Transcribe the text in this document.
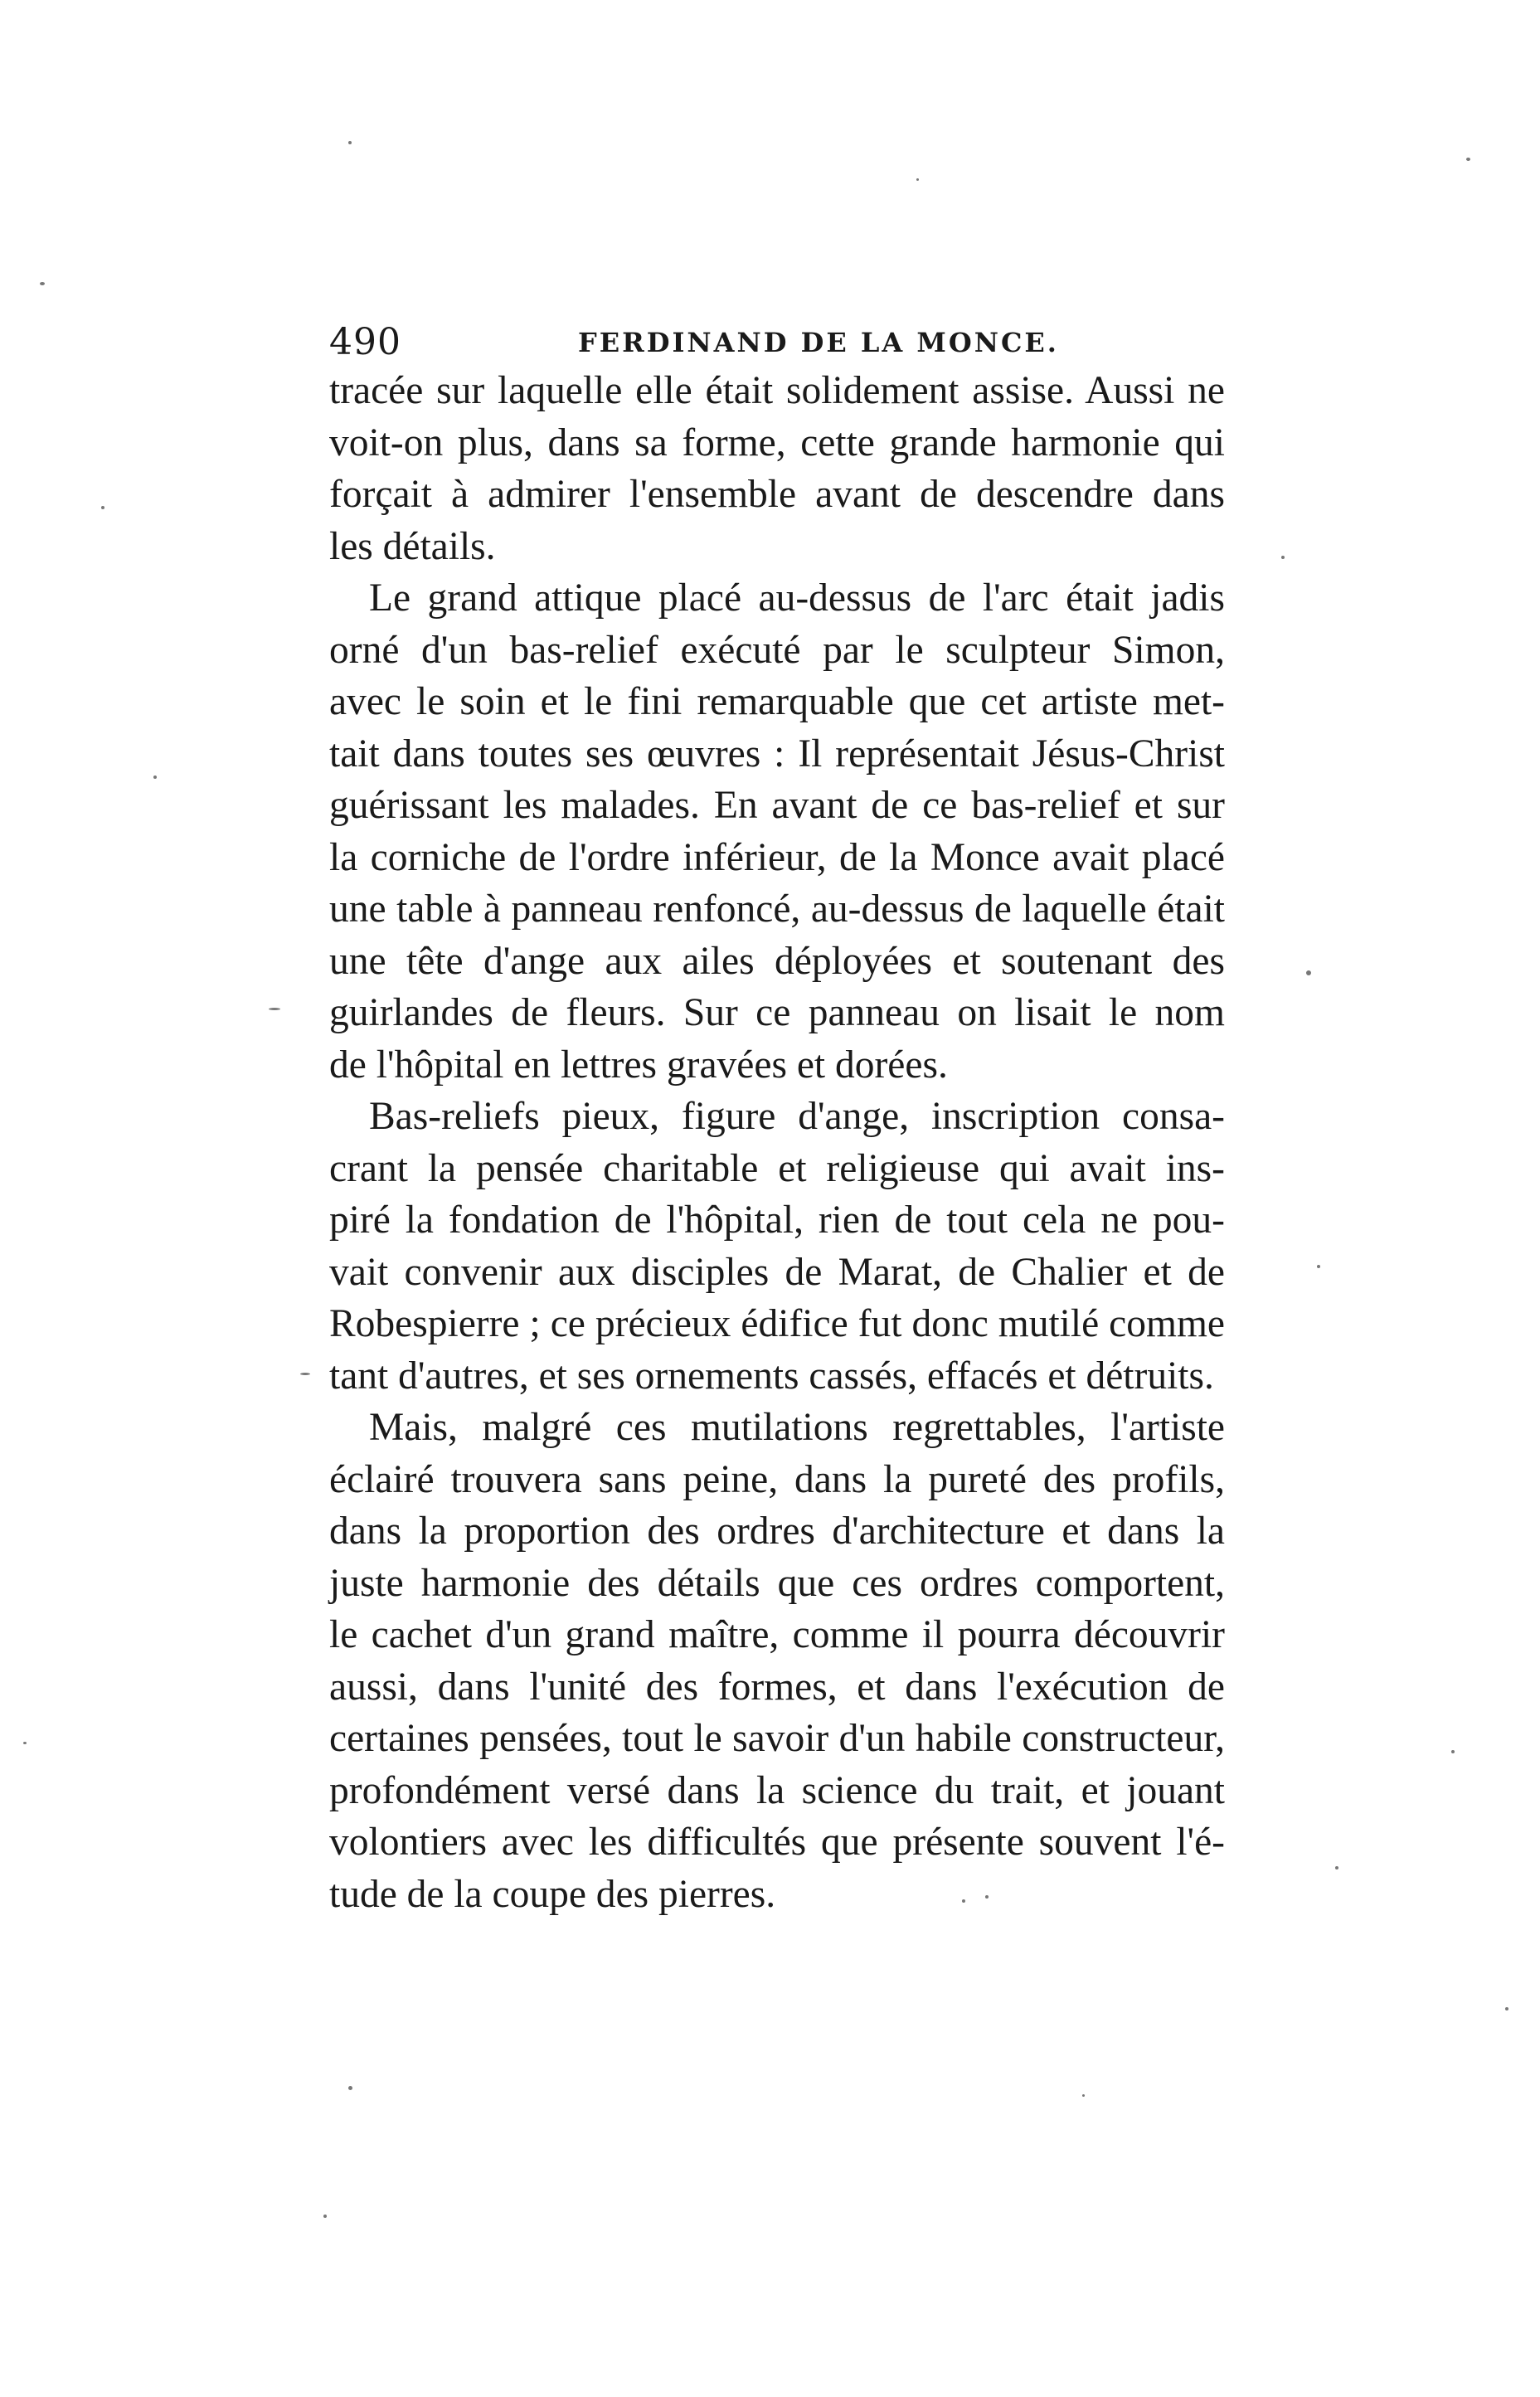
490	FERDINAND DE LA MONCE.
tracée sur laquelle elle était solidement assise. Aussi ne
voit-on plus, dans sa forme, cette grande harmonie qui
forçait à admirer l'ensemble avant de descendre dans
les détails.
Le grand attique placé au-dessus de l'arc était jadis
orné d'un bas-relief exécuté par le sculpteur Simon,
avec le soin et le fini remarquable que cet artiste met-
tait dans toutes ses œuvres : Il représentait Jésus-Christ
guérissant les malades. En avant de ce bas-relief et sur
la corniche de l'ordre inférieur, de la Monce avait placé
une table à panneau renfoncé, au-dessus de laquelle était
une tête d'ange aux ailes déployées et soutenant des
guirlandes de fleurs. Sur ce panneau on lisait le nom
de l'hôpital en lettres gravées et dorées.
Bas-reliefs pieux, figure d'ange, inscription consa-
crant la pensée charitable et religieuse qui avait ins-
piré la fondation de l'hôpital, rien de tout cela ne pou-
vait convenir aux disciples de Marat, de Chalier et de
Robespierre ; ce précieux édifice fut donc mutilé comme
tant d'autres, et ses ornements cassés, effacés et détruits.
Mais, malgré ces mutilations regrettables, l'artiste
éclairé trouvera sans peine, dans la pureté des profils,
dans la proportion des ordres d'architecture et dans la
juste harmonie des détails que ces ordres comportent,
le cachet d'un grand maître, comme il pourra découvrir
aussi, dans l'unité des formes, et dans l'exécution de
certaines pensées, tout le savoir d'un habile constructeur,
profondément versé dans la science du trait, et jouant
volontiers avec les difficultés que présente souvent l'é-
tude de la coupe des pierres.
